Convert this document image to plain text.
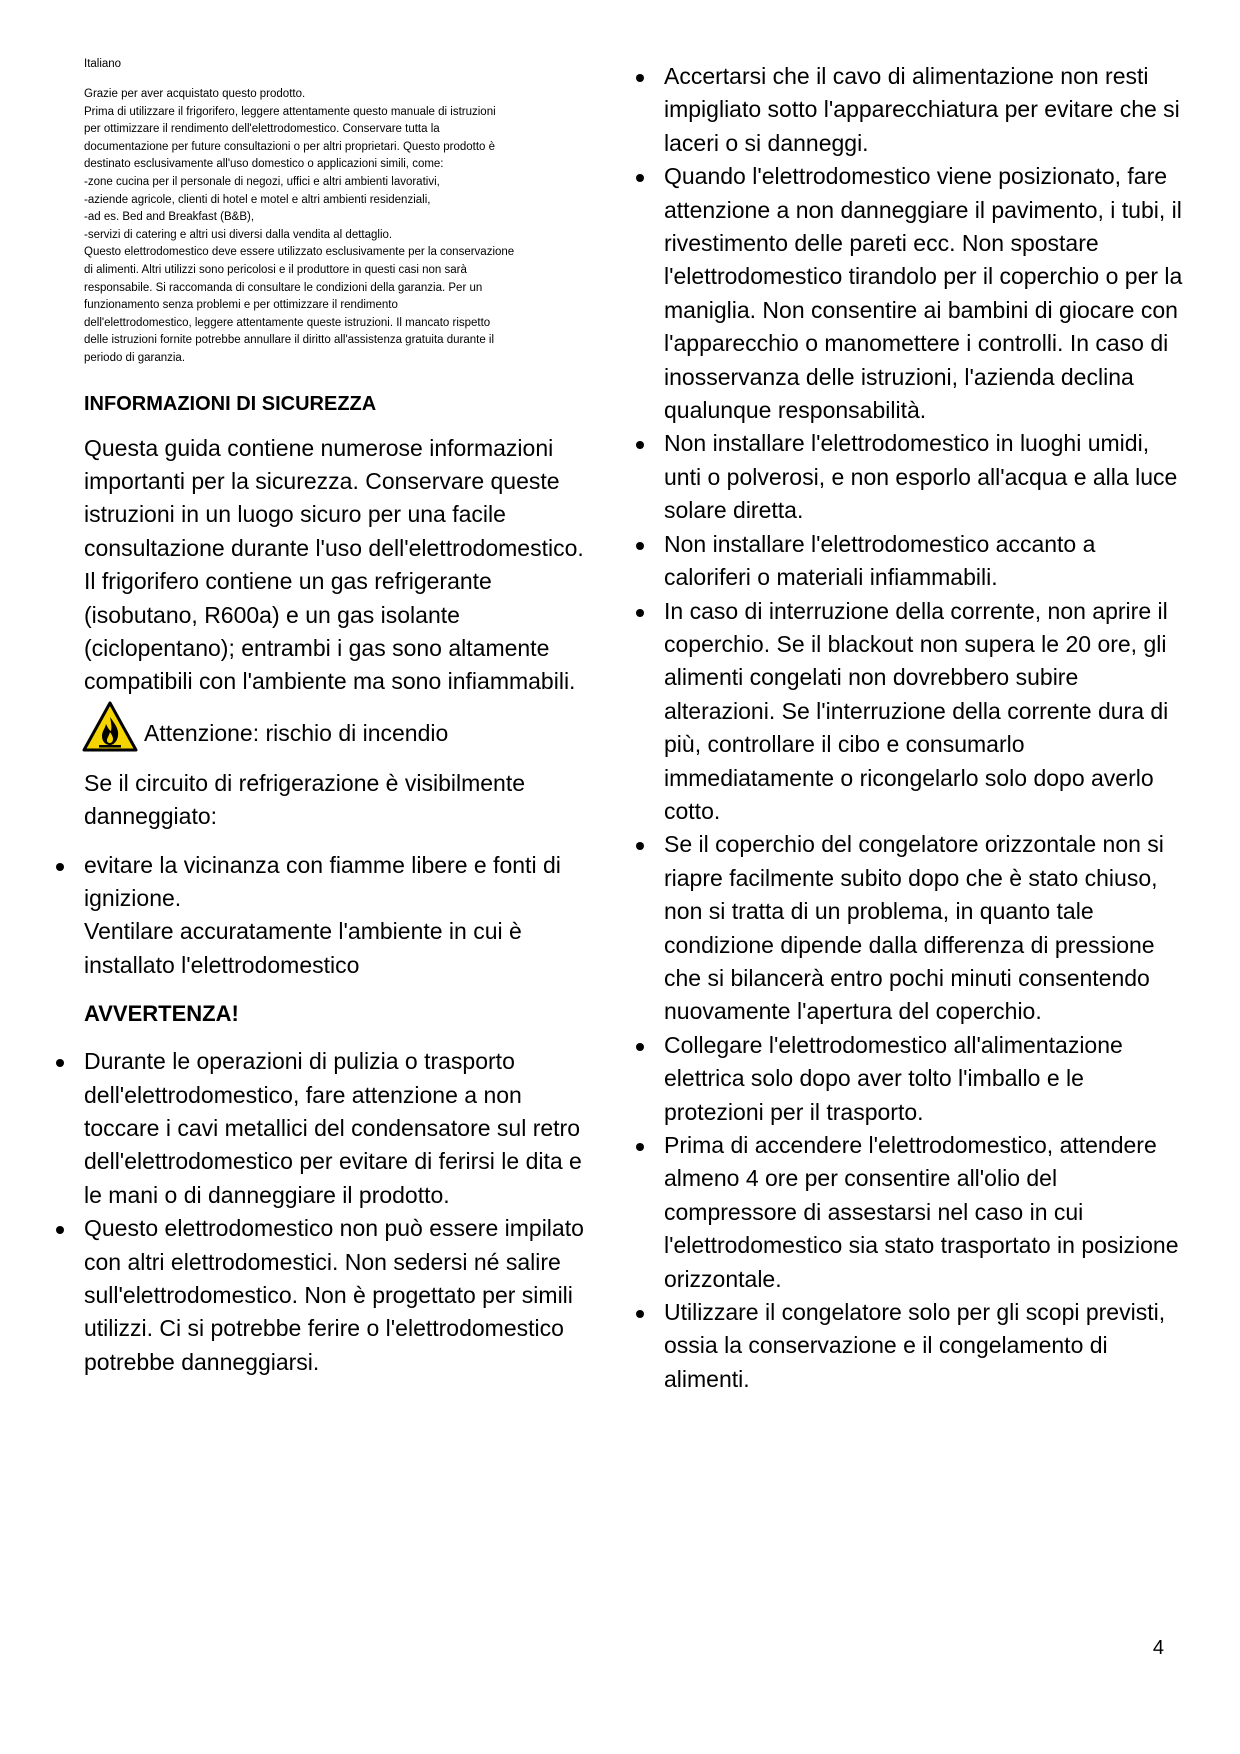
Italiano

Grazie per aver acquistato questo prodotto.

Prima di utilizzare il frigorifero, leggere attentamente questo manuale di istruzioni

per ottimizzare il rendimento dell'elettrodomestico. Conservare tutta la

documentazione per future consultazioni o per altri proprietari. Questo prodotto è

destinato esclusivamente all'uso domestico o applicazioni simili, come:

-zone cucina per il personale di negozi, uffici e altri ambienti lavorativi,

-aziende agricole, clienti di hotel e motel e altri ambienti residenziali,

-ad es. Bed and Breakfast (B&B),

-servizi di catering e altri usi diversi dalla vendita al dettaglio.

Questo elettrodomestico deve essere utilizzato esclusivamente per la conservazione

di alimenti. Altri utilizzi sono pericolosi e il produttore in questi casi non sarà

responsabile. Si raccomanda di consultare le condizioni della garanzia. Per un

funzionamento senza problemi e per ottimizzare il rendimento

dell'elettrodomestico, leggere attentamente queste istruzioni. Il mancato rispetto

delle istruzioni fornite potrebbe annullare il diritto all'assistenza gratuita durante il

periodo di garanzia.

INFORMAZIONI DI SICUREZZA

Questa guida contiene numerose informazioni importanti per la sicurezza. Conservare queste istruzioni in un luogo sicuro per una facile consultazione durante l'uso dell'elettrodomestico.

Il frigorifero contiene un gas refrigerante (isobutano, R600a) e un gas isolante (ciclopentano); entrambi i gas sono altamente compatibili con l'ambiente ma sono infiammabili.

Attenzione: rischio di incendio

Se il circuito di refrigerazione è visibilmente danneggiato:

evitare la vicinanza con fiamme libere e fonti di ignizione.

Ventilare accuratamente l'ambiente in cui è installato l'elettrodomestico

AVVERTENZA!
Durante le operazioni di pulizia o trasporto dell'elettrodomestico, fare attenzione a non toccare i cavi metallici del condensatore sul retro dell'elettrodomestico per evitare di ferirsi le dita e le mani o di danneggiare il prodotto.
Questo elettrodomestico non può essere impilato con altri elettrodomestici. Non sedersi né salire sull'elettrodomestico. Non è progettato per simili utilizzi. Ci si potrebbe ferire o l'elettrodomestico potrebbe danneggiarsi.
Accertarsi che il cavo di alimentazione non resti impigliato sotto l'apparecchiatura per evitare che si laceri o si danneggi.
Quando l'elettrodomestico viene posizionato, fare attenzione a non danneggiare il pavimento, i tubi, il rivestimento delle pareti ecc. Non spostare l'elettrodomestico tirandolo per il coperchio o per la maniglia. Non consentire ai bambini di giocare con l'apparecchio o manomettere i controlli. In caso di inosservanza delle istruzioni, l'azienda declina qualunque responsabilità.
Non installare l'elettrodomestico in luoghi umidi, unti o polverosi, e non esporlo all'acqua e alla luce solare diretta.
Non installare l'elettrodomestico accanto a caloriferi o materiali infiammabili.
In caso di interruzione della corrente, non aprire il coperchio. Se il blackout non supera le 20 ore, gli alimenti congelati non dovrebbero subire alterazioni. Se l'interruzione della corrente dura di più, controllare il cibo e consumarlo immediatamente o ricongelarlo solo dopo averlo cotto.
Se il coperchio del congelatore orizzontale non si riapre facilmente subito dopo che è stato chiuso, non si tratta di un problema, in quanto tale condizione dipende dalla differenza di pressione che si bilancerà entro pochi minuti consentendo nuovamente l'apertura del coperchio.
Collegare l'elettrodomestico all'alimentazione elettrica solo dopo aver tolto l'imballo e le protezioni per il trasporto.
Prima di accendere l'elettrodomestico, attendere almeno 4 ore per consentire all'olio del compressore di assestarsi nel caso in cui l'elettrodomestico sia stato trasportato in posizione orizzontale.
Utilizzare il congelatore solo per gli scopi previsti, ossia la conservazione e il congelamento di alimenti.
4
